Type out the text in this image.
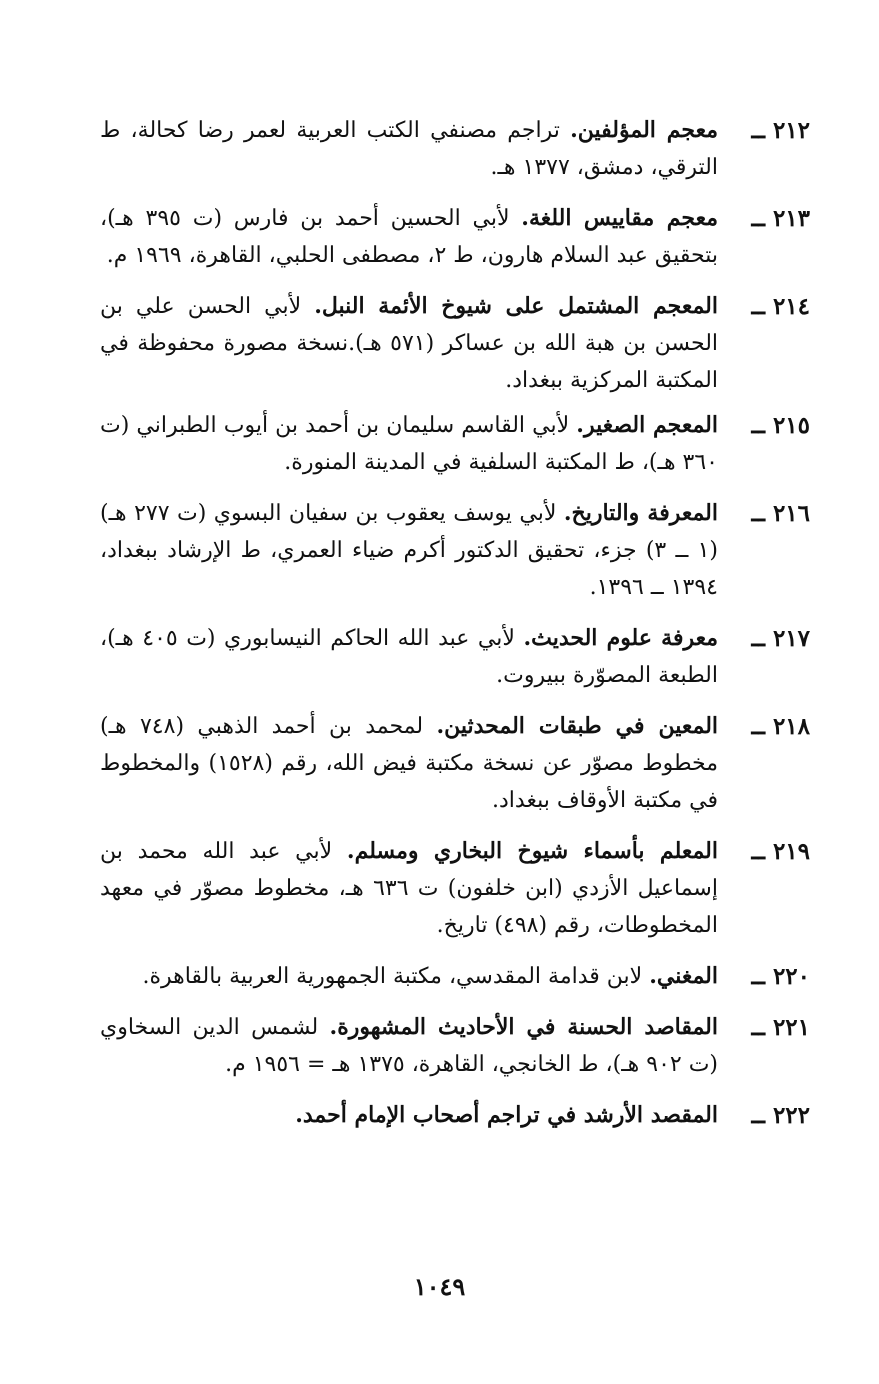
٢١٢ ــ
معجم المؤلفين. تراجم مصنفي الكتب العربية لعمر رضا كحالة، ط الترقي، دمشق، ١٣٧٧ هـ.
٢١٣ ــ
معجم مقاييس اللغة. لأبي الحسين أحمد بن فارس (ت ٣٩٥ هـ)، بتحقيق عبد السلام هارون، ط ٢، مصطفى الحلبي، القاهرة، ١٩٦٩ م.
٢١٤ ــ
المعجم المشتمل على شيوخ الأئمة النبل. لأبي الحسن علي بن الحسن بن هبة الله بن عساكر (٥٧١ هـ).نسخة مصورة محفوظة في المكتبة المركزية ببغداد.
٢١٥ ــ
المعجم الصغير. لأبي القاسم سليمان بن أحمد بن أيوب الطبراني (ت ٣٦٠ هـ)، ط المكتبة السلفية في المدينة المنورة.
٢١٦ ــ
المعرفة والتاريخ. لأبي يوسف يعقوب بن سفيان البسوي (ت ٢٧٧ هـ) (١ ــ ٣) جزء، تحقيق الدكتور أكرم ضياء العمري، ط الإرشاد ببغداد، ١٣٩٤ ــ ١٣٩٦.
٢١٧ ــ
معرفة علوم الحديث. لأبي عبد الله الحاكم النيسابوري (ت ٤٠٥ هـ)، الطبعة المصوّرة ببيروت.
٢١٨ ــ
المعين في طبقات المحدثين. لمحمد بن أحمد الذهبي (٧٤٨ هـ) مخطوط مصوّر عن نسخة مكتبة فيض الله، رقم (١٥٢٨) والمخطوط في مكتبة الأوقاف ببغداد.
٢١٩ ــ
المعلم بأسماء شيوخ البخاري ومسلم. لأبي عبد الله محمد بن إسماعيل الأزدي (ابن خلفون) ت ٦٣٦ هـ، مخطوط مصوّر في معهد المخطوطات، رقم (٤٩٨) تاريخ.
٢٢٠ ــ
المغني. لابن قدامة المقدسي، مكتبة الجمهورية العربية بالقاهرة.
٢٢١ ــ
المقاصد الحسنة في الأحاديث المشهورة. لشمس الدين السخاوي (ت ٩٠٢ هـ)، ط الخانجي، القاهرة، ١٣٧٥ هـ = ١٩٥٦ م.
٢٢٢ ــ
المقصد الأرشد في تراجم أصحاب الإمام أحمد.
١٠٤٩
